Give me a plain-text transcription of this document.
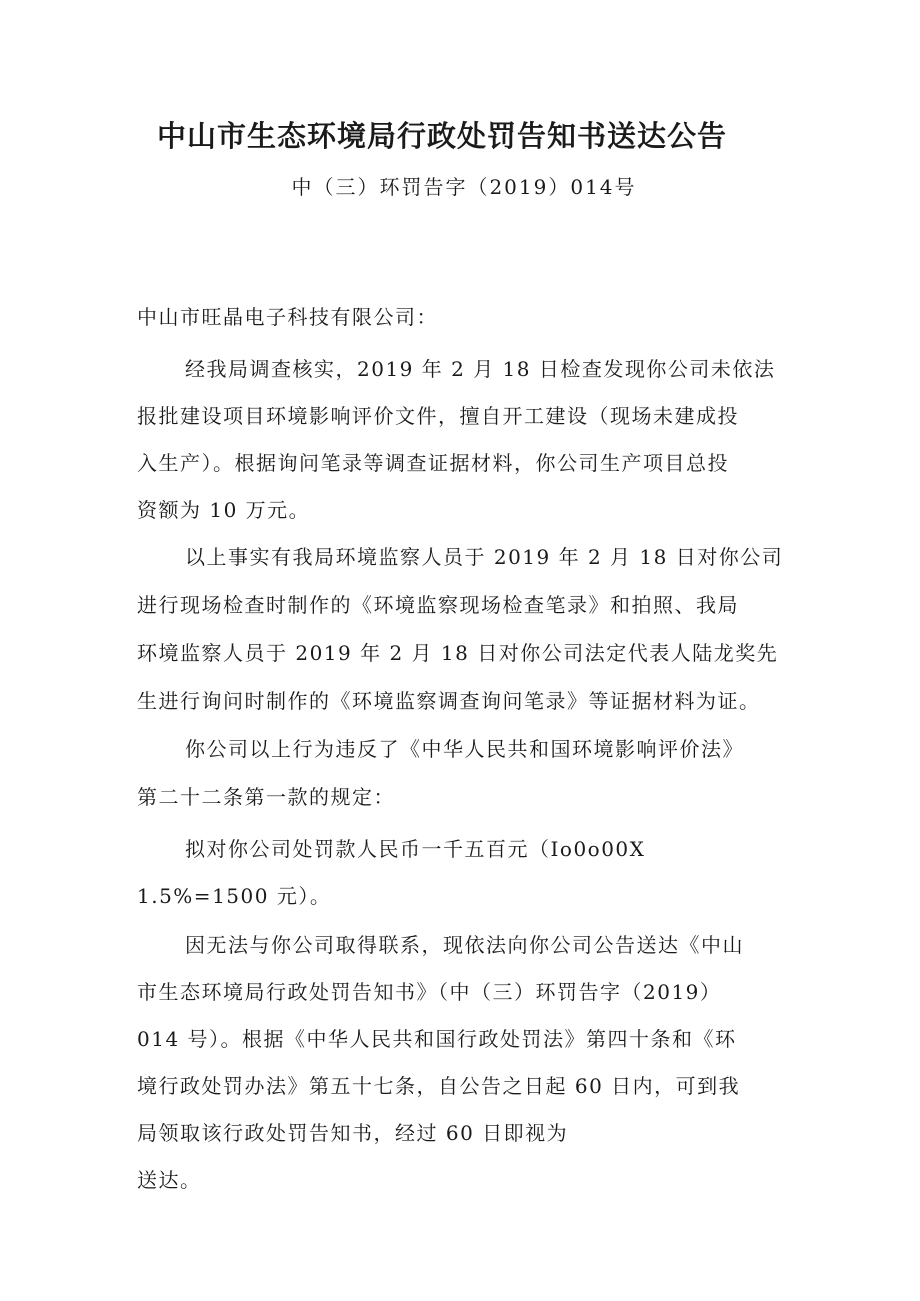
中山市生态环境局行政处罚告知书送达公告
中（三）环罚告字（2019）014号
中山市旺晶电子科技有限公司：
经我局调查核实，2019 年 2 月 18 日检查发现你公司未依法
报批建设项目环境影响评价文件，擅自开工建设（现场未建成投
入生产）。根据询问笔录等调查证据材料，你公司生产项目总投
资额为 10 万元。
以上事实有我局环境监察人员于 2019 年 2 月 18 日对你公司
进行现场检查时制作的《环境监察现场检查笔录》和拍照、我局
环境监察人员于 2019 年 2 月 18 日对你公司法定代表人陆龙奖先
生进行询问时制作的《环境监察调查询问笔录》等证据材料为证。
你公司以上行为违反了《中华人民共和国环境影响评价法》
第二十二条第一款的规定：
拟对你公司处罚款人民币一千五百元（Io0o00X
1.5%=1500 元）。
因无法与你公司取得联系，现依法向你公司公告送达《中山
市生态环境局行政处罚告知书》（中（三）环罚告字（2019）
014 号）。根据《中华人民共和国行政处罚法》第四十条和《环
境行政处罚办法》第五十七条，自公告之日起 60 日内，可到我
局领取该行政处罚告知书，经过 60 日即视为
送达。
